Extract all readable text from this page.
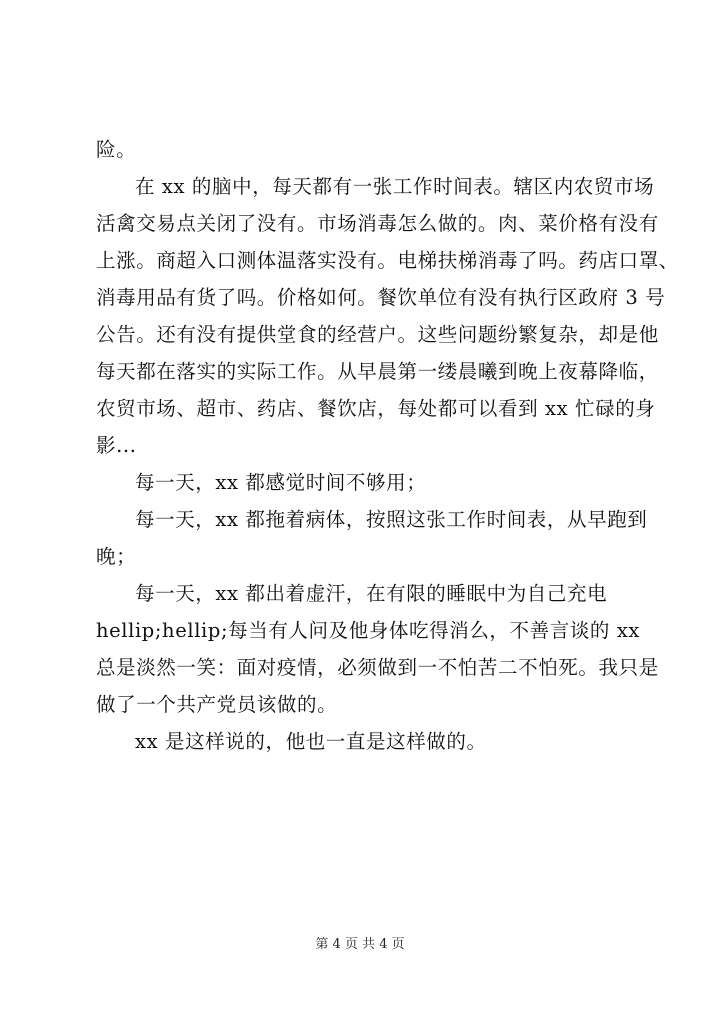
险。
在 xx 的脑中，每天都有一张工作时间表。辖区内农贸市场
活禽交易点关闭了没有。市场消毒怎么做的。肉、菜价格有没有
上涨。商超入口测体温落实没有。电梯扶梯消毒了吗。药店口罩、
消毒用品有货了吗。价格如何。餐饮单位有没有执行区政府 3 号
公告。还有没有提供堂食的经营户。这些问题纷繁复杂，却是他
每天都在落实的实际工作。从早晨第一缕晨曦到晚上夜幕降临，
农贸市场、超市、药店、餐饮店，每处都可以看到 xx 忙碌的身
影...
每一天，xx 都感觉时间不够用；
每一天，xx 都拖着病体，按照这张工作时间表，从早跑到
晚；
每一天，xx 都出着虚汗，在有限的睡眠中为自己充电
hellip;hellip;每当有人问及他身体吃得消么，不善言谈的 xx
总是淡然一笑：面对疫情，必须做到一不怕苦二不怕死。我只是
做了一个共产党员该做的。
xx 是这样说的，他也一直是这样做的。
第 4 页 共 4 页
